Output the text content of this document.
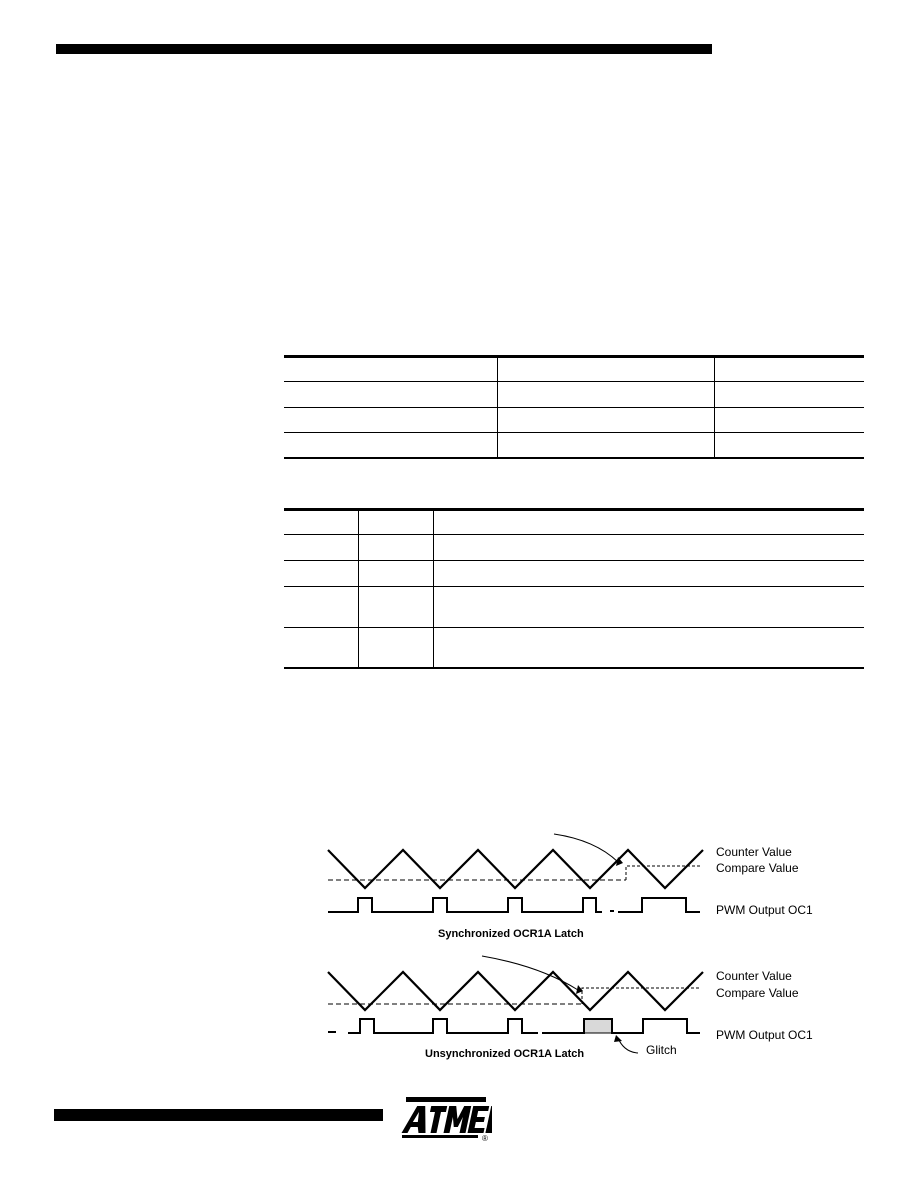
Counter Value
Compare Value
PWM Output OC1
Synchronized OCR1A Latch
Counter Value
Compare Value
PWM Output OC1
Unsynchronized OCR1A Latch	Glitch
®
